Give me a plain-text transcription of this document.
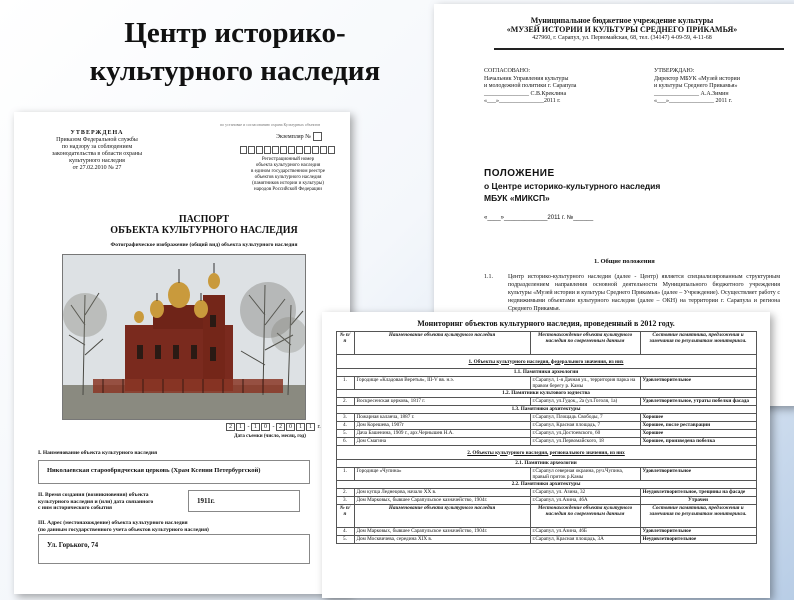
Центр историко-
культурного наследия
Муниципальное бюджетное учреждение культуры
«МУЗЕЙ ИСТОРИИ И КУЛЬТУРЫ СРЕДНЕГО ПРИКАМЬЯ»
427960, г. Сарапул, ул. Первомайская, 68, тел. (34147) 4-09-59, 4-11-68
СОГЛАСОВАНО:
Начальник Управления культуры
и молодежной политики г. Сарапула
_______________ С.В.Креклина
«___»_______________2011 г.
УТВЕРЖДАЮ:
Директор МБУК «Музей истории
и культуры Среднего Прикамья»
_______________ А.А.Зимин
«___»_______________ 2011 г.
ПОЛОЖЕНИЕ
о Центре историко-культурного наследия
МБУК «МИКСП»
«____»_____________2011 г. №______
1. Общие положения
1.1.	Центр историко-культурного наследия (далее - Центр) является специализированным структурным подразделением направления основной деятельности Муниципального бюджетного учреждения культуры «Музей истории и культуры Среднего Прикамья» (далее – Учреждение). Осуществляет работу с недвижимыми объектами культурного наследия (далее – ОКН) на территории г. Сарапула и региона Среднего Прикамья.
по установке и согласованию охрана Культурных объектов
УТВЕРЖДЕНА
Приказом Федеральной службы
по надзору за соблюдением
законодательства в области охраны
культурного наследия
от 27.02.2010 № 27
Экземпляр №
Регистрационный номер
объекта культурного наследия
в едином государственном реестре
объектов культурного наследия
(памятников истории и культуры)
народов Российской Федерации
ПАСПОРТ
ОБЪЕКТА КУЛЬТУРНОГО НАСЛЕДИЯ
Фотографическое изображение (общий вид) объекта культурного наследия
2	1 - 1	0 - 2	0	1	1
г.
Дата съемки (число, месяц, год)
I. Наименование объекта культурного наследия
Николаевская старообрядческая церковь (Храм Ксении Петербургской)
II. Время создания (возникновения) объекта
культурного наследия и (или) дата связанного
с ним исторического события
1911г.
III. Адрес (местонахождение) объекта культурного наследия
(по данным государственного учета объектов культурного наследия)
Ул. Горького, 74
Мониторинг объектов культурного наследия, проведенный в 2012 году.
№ п/п	Наименование объекта культурного наследия	Местонахождение объекта культурного наследия по современным данным	Состояние памятника, предложения и замечания по результатам мониторинга.
1. Объекты культурного наследия, федерального значения, из них			
1.1. Памятники археологии			
1.	Городище «Кладовая Веретья», III-V вв. н.э.	г.Сарапул, 1-я Дачная ул., территория парка на правом берегу р. Камы	Удовлетворительное
1.2. Памятники культового зодчества			
2.	Воскресенская церковь, 1817 г.	г.Сарапул, ул.Гудок,, 2а (ул.Гоголя, 1а)	Удовлетворительное, утраты побелки фасада
1.3. Памятники архитектуры			
3.	Пожарная каланча, 1887 г.	г.Сарапул, Площадь Свободы, 7	Хорошее
4.	Дом Корешева, 1907г	г.Сарапул, Красная площадь, 7	Хорошее, после реставрации
5.	Дача Башенина, 1909 г., арх.Чернышев Н.А.	г.Сарапул, ул.Достоевского, 60	Хорошее
6.	Дом Смагина	г.Сарапул, ул.Первомайского, 18	Хорошее, произведена побелка
2. Объекты культурного наследия, регионального значения, из них			
2.1. Памятник археологии			
1.	Городище «Чупина»	г.Сарапул северная окраина, руч.Чупина, правый приток р.Камы	Удовлетворительное
2.2. Памятники архитектуры			
2.	Дом купца Леднецова, начало XX в.	г.Сарапул, ул. Азина, 32	Неудовлетворительное, трещины на фасаде
3.	Дом Марковых, бывшее Сарапульское казначейство, 1904г.	г.Сарапул, ул.Азина, 46А	Утрачен
№ п/п	Наименование объекта культурного наследия	Местонахождение объекта культурного наследия по современным данным	Состояние памятника, предложения и замечания по результатам мониторинга.
4.	Дом Марковых, бывшее Сарапульское казначейство, 1904г.	г.Сарапул, ул.Азина, 46Б	Удовлетворительное
5.	Дом Москвичева, середина XIX в.	г.Сарапул, Красная площадь, 3А	Неудовлетворительное
